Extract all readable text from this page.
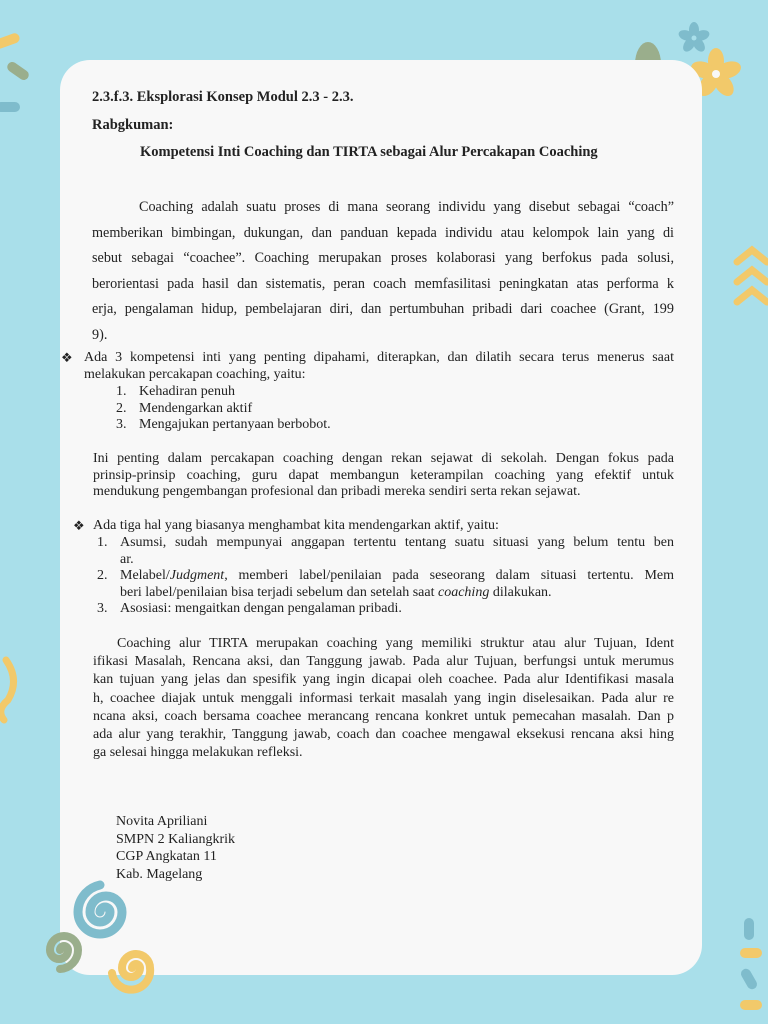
2.3.f.3. Eksplorasi Konsep Modul 2.3 - 2.3.
Rabgkuman:
Kompetensi Inti Coaching dan TIRTA sebagai Alur Percakapan Coaching
Coaching adalah suatu proses di mana seorang individu yang disebut sebagai “coach”
memberikan bimbingan, dukungan, dan panduan kepada individu atau kelompok lain yang di
sebut sebagai “coachee”. Coaching merupakan proses kolaborasi yang berfokus pada solusi,
berorientasi pada hasil dan sistematis, peran coach memfasilitasi peningkatan atas performa k
erja, pengalaman hidup, pembelajaran diri, dan pertumbuhan pribadi dari coachee (Grant, 199
9).
❖ Ada 3 kompetensi inti yang penting dipahami, diterapkan, dan dilatih secara terus menerus saat
melakukan percakapan coaching, yaitu:
1. Kehadiran penuh
2. Mendengarkan aktif
3. Mengajukan pertanyaan berbobot.
Ini penting dalam percakapan coaching dengan rekan sejawat di sekolah. Dengan fokus pada
prinsip-prinsip coaching, guru dapat membangun keterampilan coaching yang efektif untuk
mendukung pengembangan profesional dan pribadi mereka sendiri serta rekan sejawat.
❖ Ada tiga hal yang biasanya menghambat kita mendengarkan aktif, yaitu:
1. Asumsi, sudah mempunyai anggapan tertentu tentang suatu situasi yang belum tentu ben
ar.
2. Melabel/Judgment, memberi label/penilaian pada seseorang dalam situasi tertentu. Mem
beri label/penilaian bisa terjadi sebelum dan setelah saat coaching dilakukan.
3. Asosiasi: mengaitkan dengan pengalaman pribadi.
Coaching alur TIRTA merupakan coaching yang memiliki struktur atau alur Tujuan, Ident
ifikasi Masalah, Rencana aksi, dan Tanggung jawab. Pada alur Tujuan, berfungsi untuk merumus
kan tujuan yang jelas dan spesifik yang ingin dicapai oleh coachee. Pada alur Identifikasi masala
h, coachee diajak untuk menggali informasi terkait masalah yang ingin diselesaikan. Pada alur re
ncana aksi, coach bersama coachee merancang rencana konkret untuk pemecahan masalah. Dan p
ada alur yang terakhir, Tanggung jawab, coach dan coachee mengawal eksekusi rencana aksi hing
ga selesai hingga melakukan refleksi.
Novita Apriliani
SMPN 2 Kaliangkrik
CGP Angkatan 11
Kab. Magelang
